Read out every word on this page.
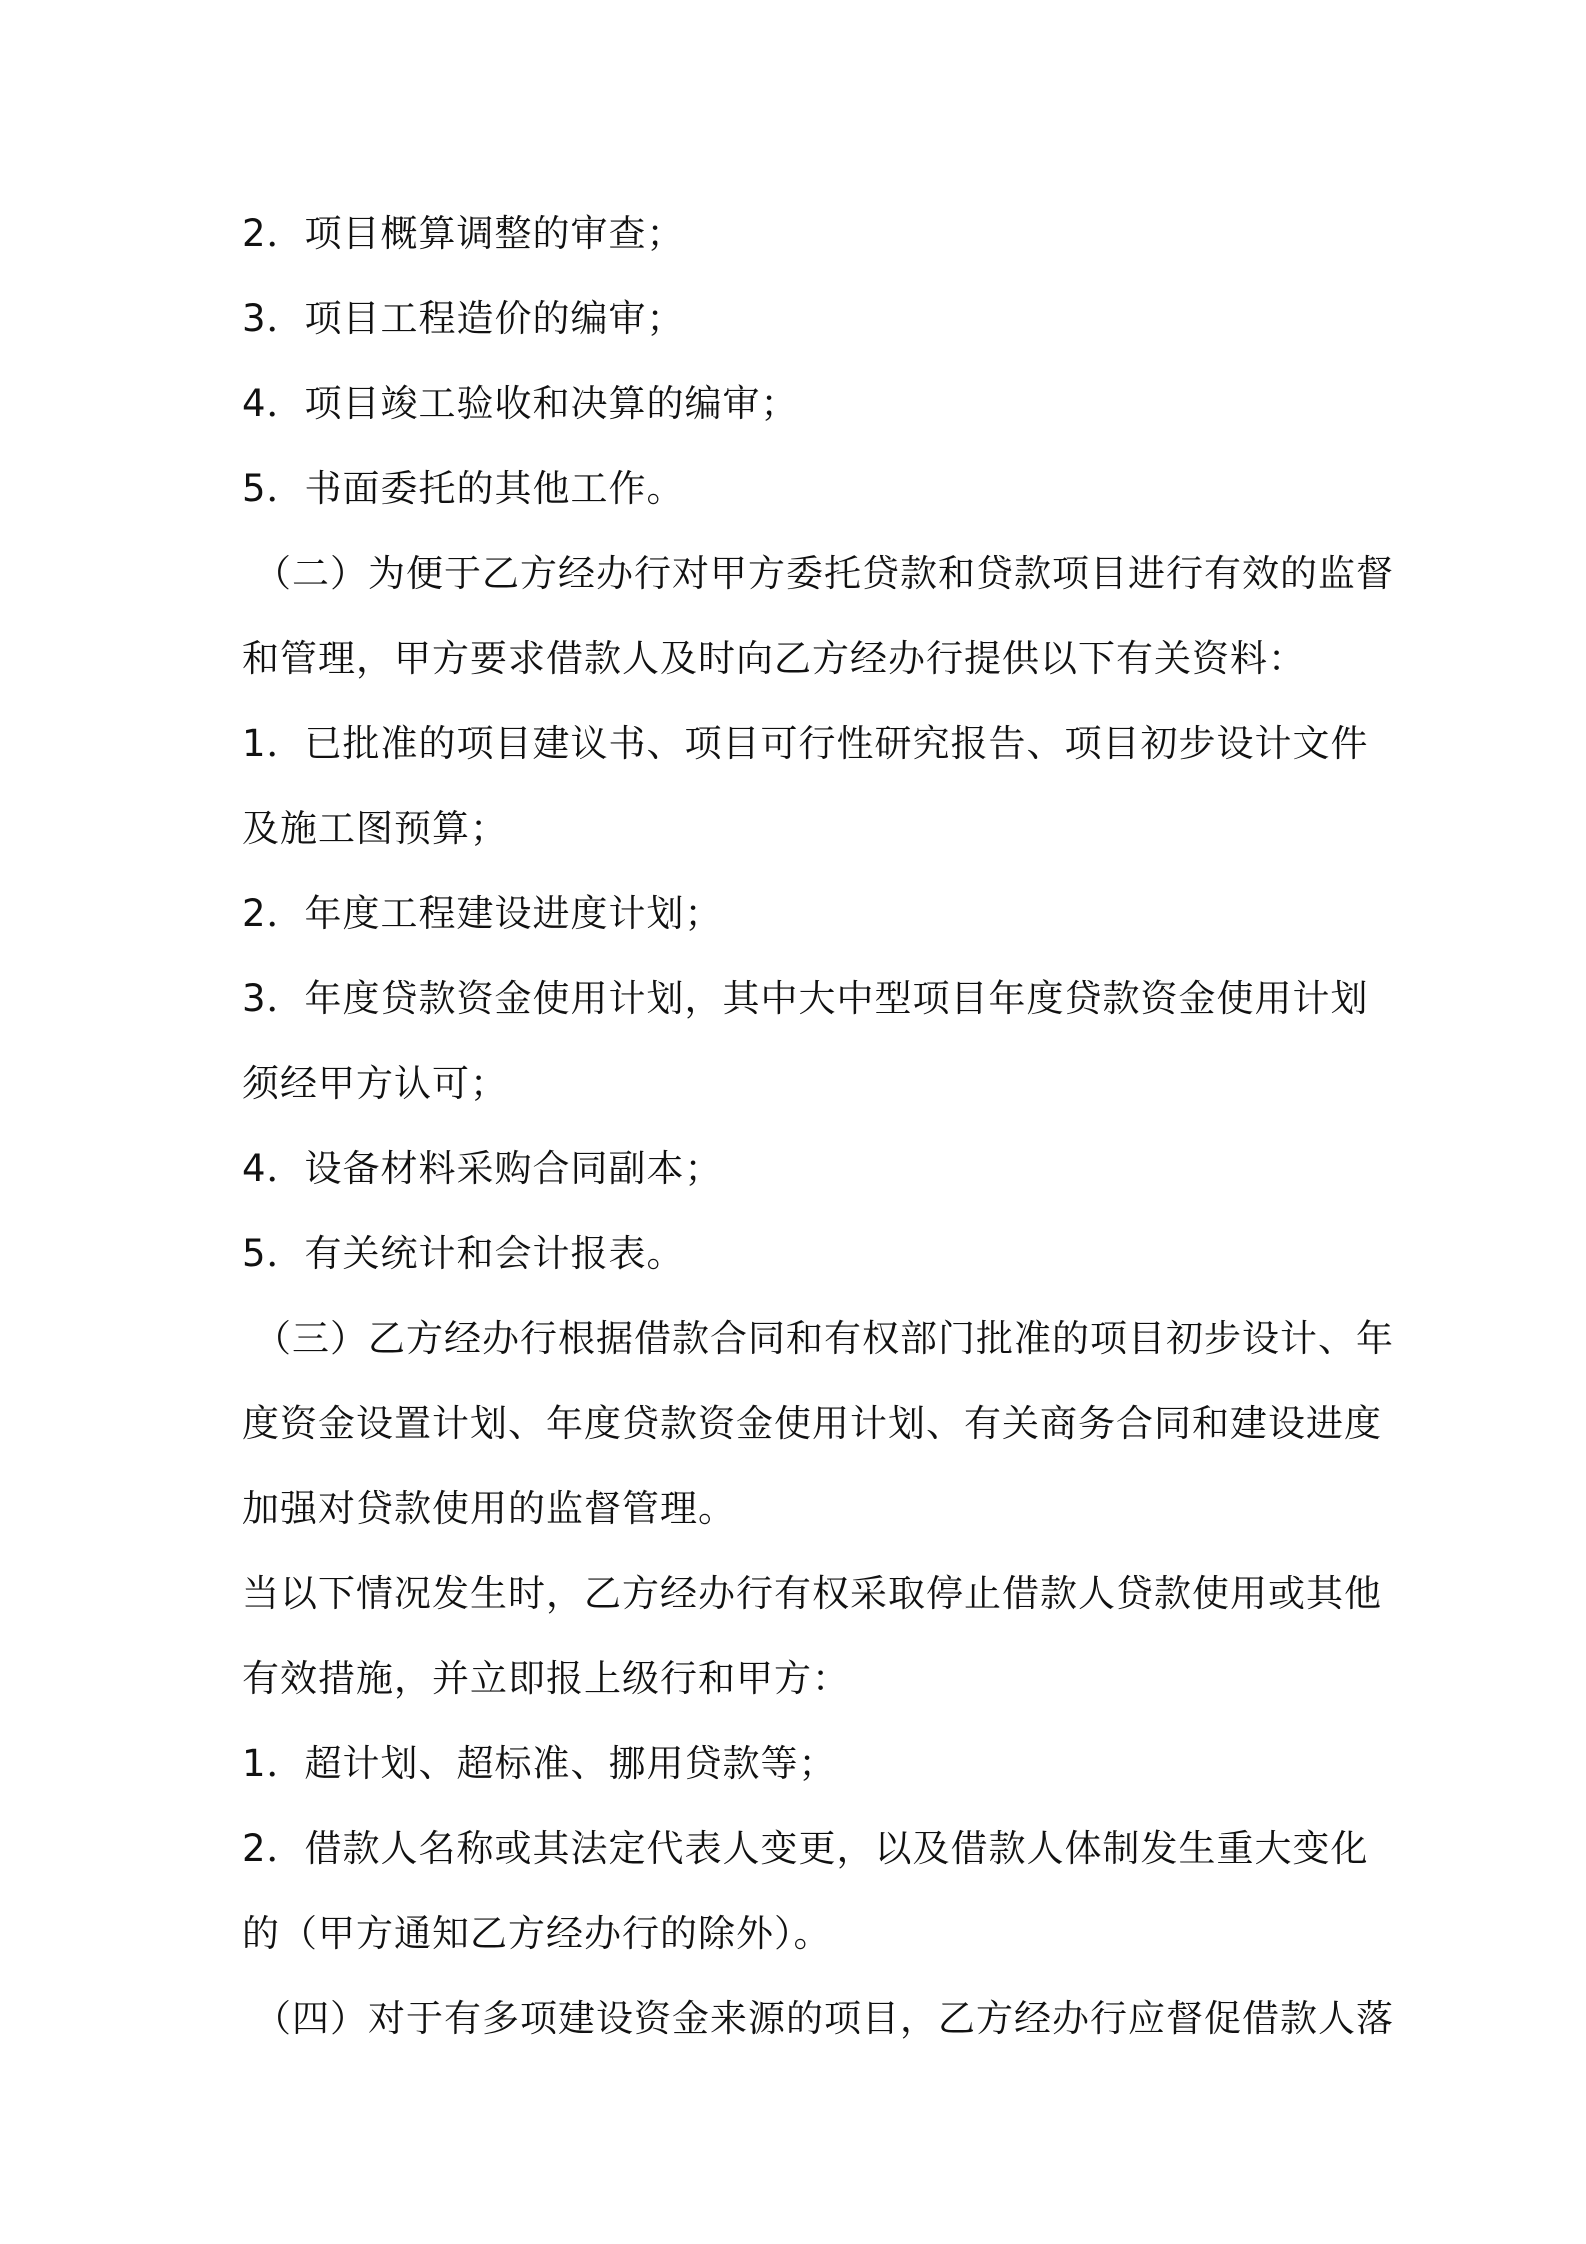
2．项目概算调整的审查；
3．项目工程造价的编审；
4．项目竣工验收和决算的编审；
5．书面委托的其他工作。
（二）为便于乙方经办行对甲方委托贷款和贷款项目进行有效的监督
和管理，甲方要求借款人及时向乙方经办行提供以下有关资料：
1．已批准的项目建议书、项目可行性研究报告、项目初步设计文件
及施工图预算；
2．年度工程建设进度计划；
3．年度贷款资金使用计划，其中大中型项目年度贷款资金使用计划
须经甲方认可；
4．设备材料采购合同副本；
5．有关统计和会计报表。
（三）乙方经办行根据借款合同和有权部门批准的项目初步设计、年
度资金设置计划、年度贷款资金使用计划、有关商务合同和建设进度
加强对贷款使用的监督管理。
当以下情况发生时，乙方经办行有权采取停止借款人贷款使用或其他
有效措施，并立即报上级行和甲方：
1．超计划、超标准、挪用贷款等；
2．借款人名称或其法定代表人变更，以及借款人体制发生重大变化
的（甲方通知乙方经办行的除外）。
（四）对于有多项建设资金来源的项目，乙方经办行应督促借款人落
